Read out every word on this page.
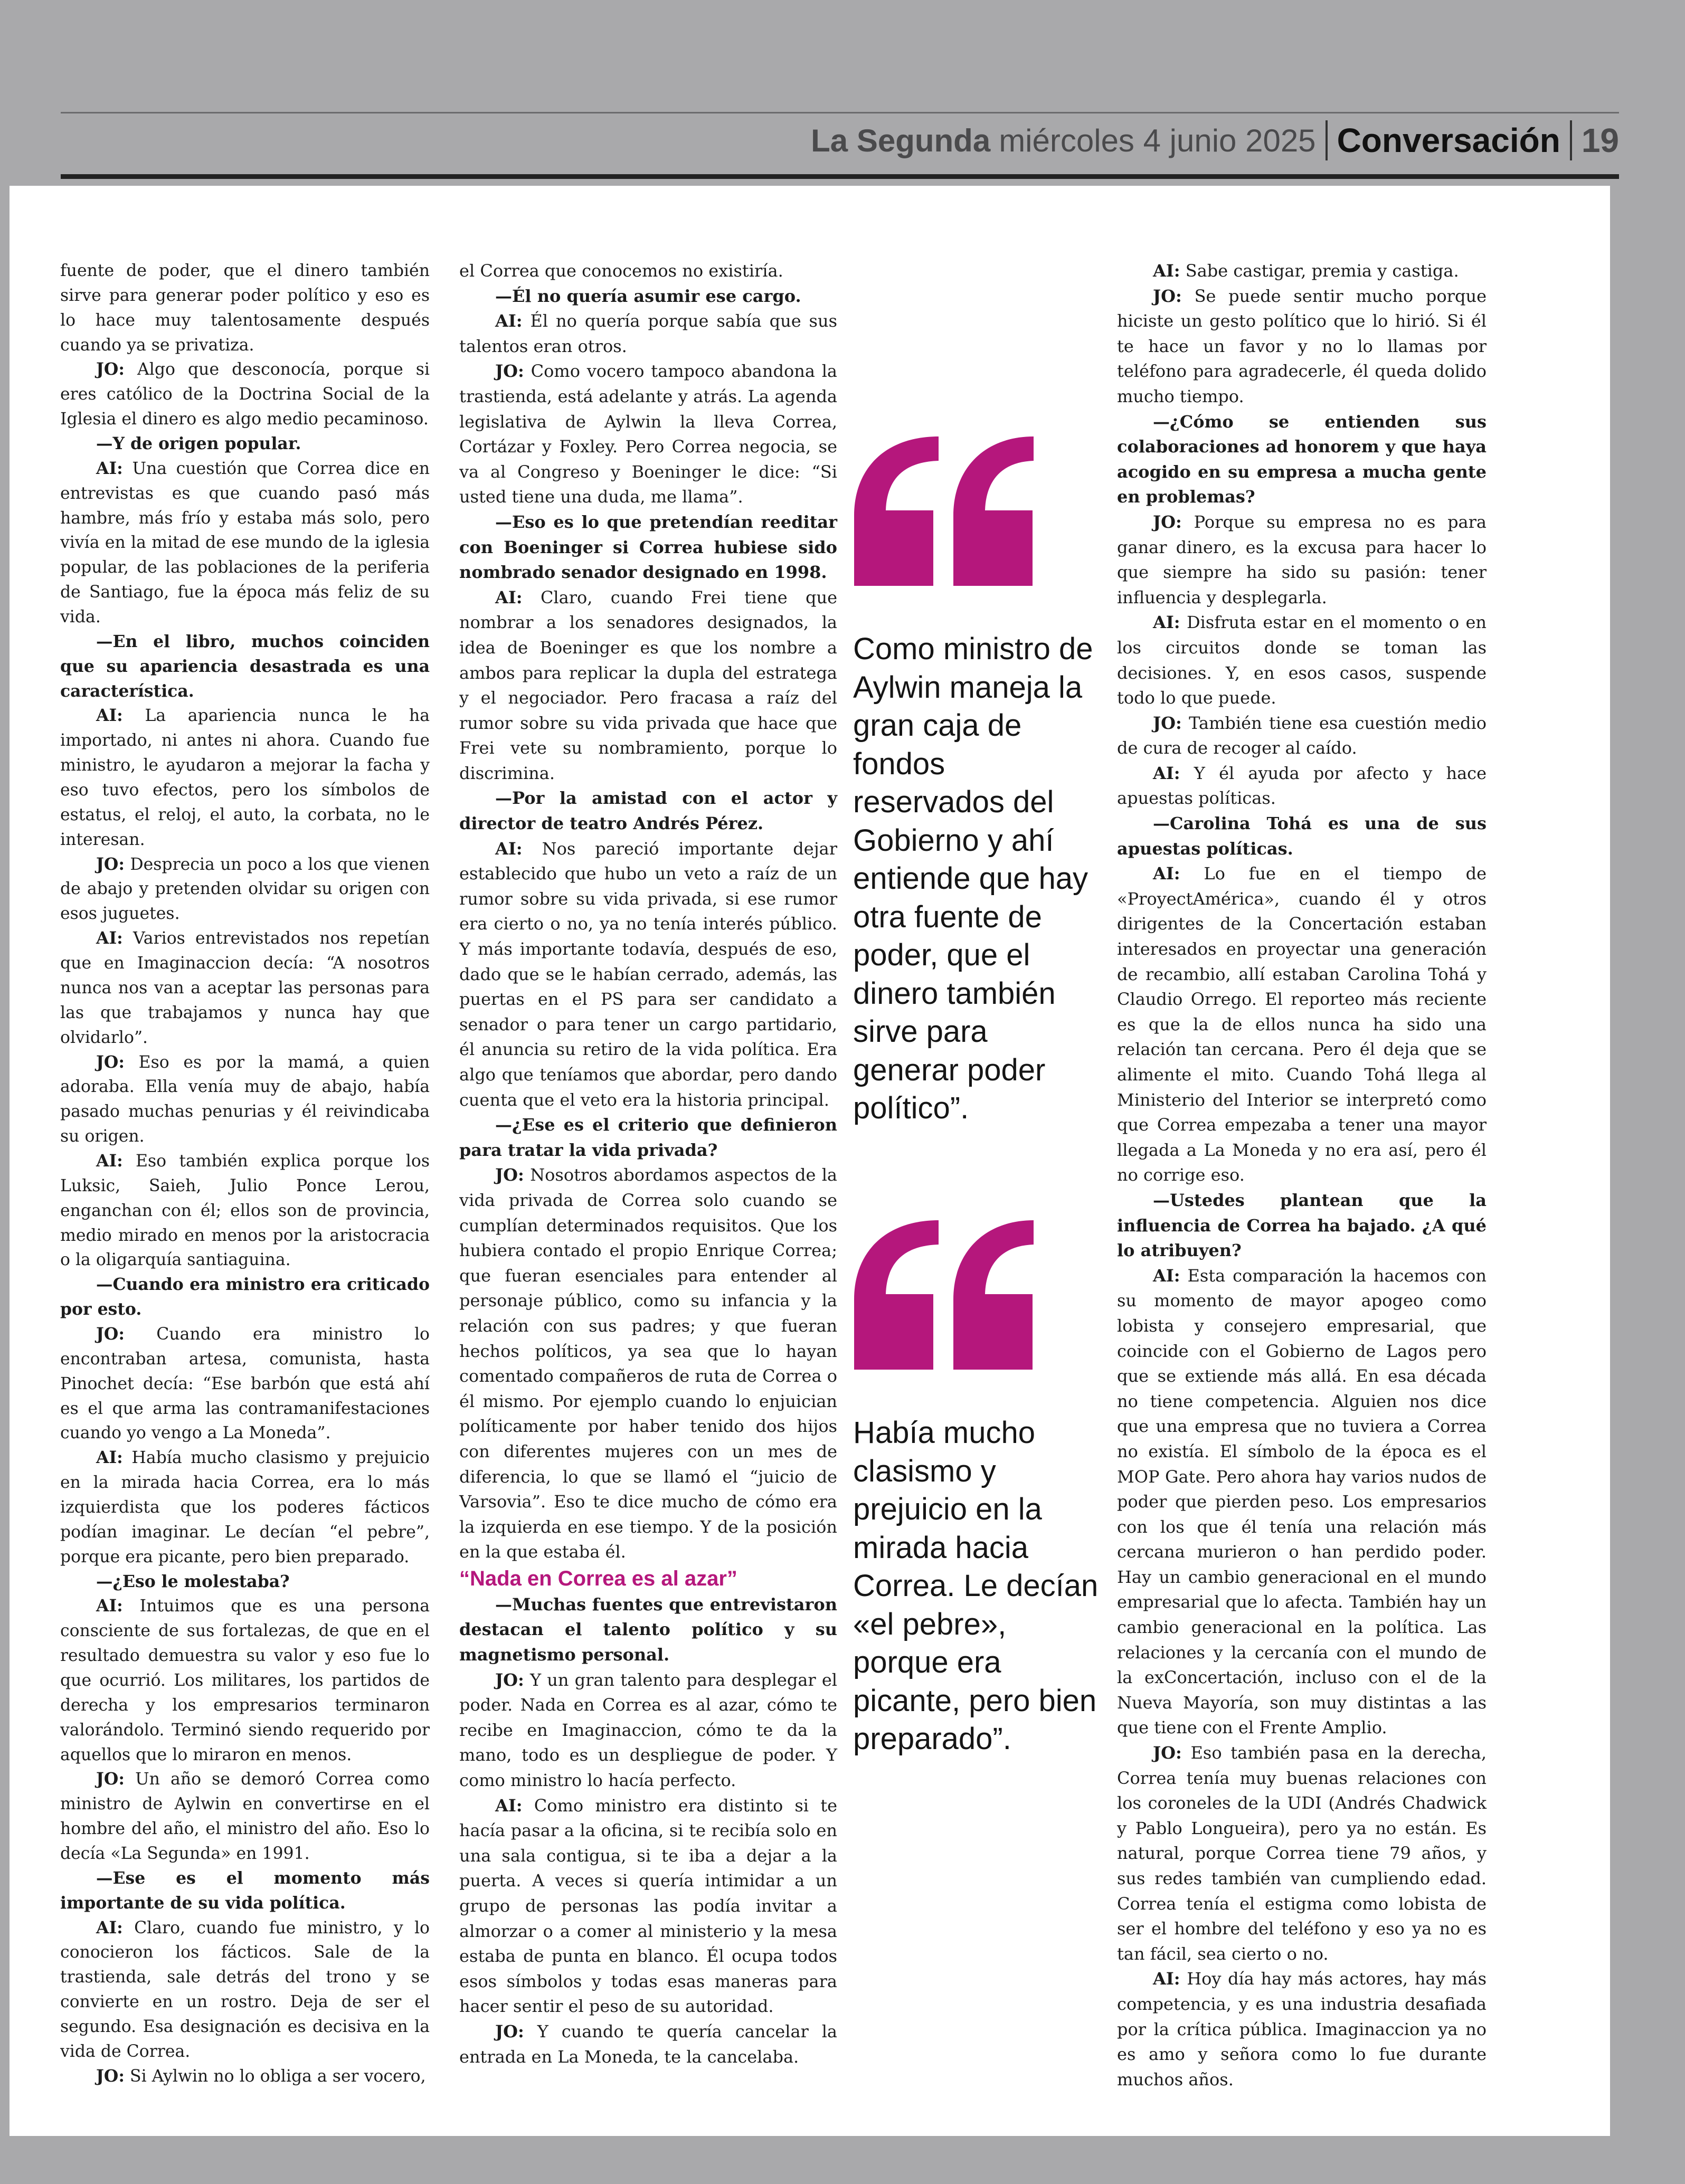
La Segunda miércoles 4 junio 2025 Conversación 19

fuente de poder, que el dinero también sirve para generar poder político y eso es lo hace muy talentosamente después cuando ya se privatiza.

JO: Algo que desconocía, porque si eres católico de la Doctrina Social de la Iglesia el dinero es algo medio pecaminoso.

—Y de origen popular.

AI: Una cuestión que Correa dice en entrevistas es que cuando pasó más hambre, más frío y estaba más solo, pero vivía en la mitad de ese mundo de la iglesia popular, de las poblaciones de la periferia de Santiago, fue la época más feliz de su vida.

—En el libro, muchos coinciden que su apariencia desastrada es una característica.

AI: La apariencia nunca le ha importado, ni antes ni ahora. Cuando fue ministro, le ayudaron a mejorar la facha y eso tuvo efectos, pero los símbolos de estatus, el reloj, el auto, la corbata, no le interesan.

JO: Desprecia un poco a los que vienen de abajo y pretenden olvidar su origen con esos juguetes.

AI: Varios entrevistados nos repetían que en Imaginaccion decía: “A nosotros nunca nos van a aceptar las personas para las que trabajamos y nunca hay que olvidarlo”.

JO: Eso es por la mamá, a quien adoraba. Ella venía muy de abajo, había pasado muchas penurias y él reivindicaba su origen.

AI: Eso también explica porque los Luksic, Saieh, Julio Ponce Lerou, enganchan con él; ellos son de provincia, medio mirado en menos por la aristocracia o la oligarquía santiaguina.

—Cuando era ministro era criticado por esto.

JO: Cuando era ministro lo encontraban artesa, comunista, hasta Pinochet decía: “Ese barbón que está ahí es el que arma las contramanifestaciones cuando yo vengo a La Moneda”.

AI: Había mucho clasismo y prejuicio en la mirada hacia Correa, era lo más izquierdista que los poderes fácticos podían imaginar. Le decían “el pebre”, porque era picante, pero bien preparado.

—¿Eso le molestaba?

AI: Intuimos que es una persona consciente de sus fortalezas, de que en el resultado demuestra su valor y eso fue lo que ocurrió. Los militares, los partidos de derecha y los empresarios terminaron valorándolo. Terminó siendo requerido por aquellos que lo miraron en menos.

JO: Un año se demoró Correa como ministro de Aylwin en convertirse en el hombre del año, el ministro del año. Eso lo decía «La Segunda» en 1991.

—Ese es el momento más importante de su vida política.

AI: Claro, cuando fue ministro, y lo conocieron los fácticos. Sale de la trastienda, sale detrás del trono y se convierte en un rostro. Deja de ser el segundo. Esa designación es decisiva en la vida de Correa.

JO: Si Aylwin no lo obliga a ser vocero,

el Correa que conocemos no existiría.

—Él no quería asumir ese cargo.

AI: Él no quería porque sabía que sus talentos eran otros.

JO: Como vocero tampoco abandona la trastienda, está adelante y atrás. La agenda legislativa de Aylwin la lleva Correa, Cortázar y Foxley. Pero Correa negocia, se va al Congreso y Boeninger le dice: “Si usted tiene una duda, me llama”.

—Eso es lo que pretendían reeditar con Boeninger si Correa hubiese sido nombrado senador designado en 1998.

AI: Claro, cuando Frei tiene que nombrar a los senadores designados, la idea de Boeninger es que los nombre a ambos para replicar la dupla del estratega y el negociador. Pero fracasa a raíz del rumor sobre su vida privada que hace que Frei vete su nombramiento, porque lo discrimina.

—Por la amistad con el actor y director de teatro Andrés Pérez.

AI: Nos pareció importante dejar establecido que hubo un veto a raíz de un rumor sobre su vida privada, si ese rumor era cierto o no, ya no tenía interés público. Y más importante todavía, después de eso, dado que se le habían cerrado, además, las puertas en el PS para ser candidato a senador o para tener un cargo partidario, él anuncia su retiro de la vida política. Era algo que teníamos que abordar, pero dando cuenta que el veto era la historia principal.

—¿Ese es el criterio que definieron para tratar la vida privada?

JO: Nosotros abordamos aspectos de la vida privada de Correa solo cuando se cumplían determinados requisitos. Que los hubiera contado el propio Enrique Correa; que fueran esenciales para entender al personaje público, como su infancia y la relación con sus padres; y que fueran hechos políticos, ya sea que lo hayan comentado compañeros de ruta de Correa o él mismo. Por ejemplo cuando lo enjuician políticamente por haber tenido dos hijos con diferentes mujeres con un mes de diferencia, lo que se llamó el “juicio de Varsovia”. Eso te dice mucho de cómo era la izquierda en ese tiempo. Y de la posición en la que estaba él.

“Nada en Correa es al azar”

—Muchas fuentes que entrevistaron destacan el talento político y su magnetismo personal.

JO: Y un gran talento para desplegar el poder. Nada en Correa es al azar, cómo te recibe en Imaginaccion, cómo te da la mano, todo es un despliegue de poder. Y como ministro lo hacía perfecto.

AI: Como ministro era distinto si te hacía pasar a la oficina, si te recibía solo en una sala contigua, si te iba a dejar a la puerta. A veces si quería intimidar a un grupo de personas las podía invitar a almorzar o a comer al ministerio y la mesa estaba de punta en blanco. Él ocupa todos esos símbolos y todas esas maneras para hacer sentir el peso de su autoridad.

JO: Y cuando te quería cancelar la entrada en La Moneda, te la cancelaba.

Como ministro de Aylwin maneja la gran caja de fondos reservados del Gobierno y ahí entiende que hay otra fuente de poder, que el dinero también sirve para generar poder político”.
Había mucho clasismo y prejuicio en la mirada hacia Correa. Le decían «el pebre», porque era picante, pero bien preparado”.

AI: Sabe castigar, premia y castiga.

JO: Se puede sentir mucho porque hiciste un gesto político que lo hirió. Si él te hace un favor y no lo llamas por teléfono para agradecerle, él queda dolido mucho tiempo.

—¿Cómo se entienden sus colaboraciones ad honorem y que haya acogido en su empresa a mucha gente en problemas?

JO: Porque su empresa no es para ganar dinero, es la excusa para hacer lo que siempre ha sido su pasión: tener influencia y desplegarla.

AI: Disfruta estar en el momento o en los circuitos donde se toman las decisiones. Y, en esos casos, suspende todo lo que puede.

JO: También tiene esa cuestión medio de cura de recoger al caído.

AI: Y él ayuda por afecto y hace apuestas políticas.

—Carolina Tohá es una de sus apuestas políticas.

AI: Lo fue en el tiempo de «ProyectAmérica», cuando él y otros dirigentes de la Concertación estaban interesados en proyectar una generación de recambio, allí estaban Carolina Tohá y Claudio Orrego. El reporteo más reciente es que la de ellos nunca ha sido una relación tan cercana. Pero él deja que se alimente el mito. Cuando Tohá llega al Ministerio del Interior se interpretó como que Correa empezaba a tener una mayor llegada a La Moneda y no era así, pero él no corrige eso.

—Ustedes plantean que la influencia de Correa ha bajado. ¿A qué lo atribuyen?

AI: Esta comparación la hacemos con su momento de mayor apogeo como lobista y consejero empresarial, que coincide con el Gobierno de Lagos pero que se extiende más allá. En esa década no tiene competencia. Alguien nos dice que una empresa que no tuviera a Correa no existía. El símbolo de la época es el MOP Gate. Pero ahora hay varios nudos de poder que pierden peso. Los empresarios con los que él tenía una relación más cercana murieron o han perdido poder. Hay un cambio generacional en el mundo empresarial que lo afecta. También hay un cambio generacional en la política. Las relaciones y la cercanía con el mundo de la exConcertación, incluso con el de la Nueva Mayoría, son muy distintas a las que tiene con el Frente Amplio.

JO: Eso también pasa en la derecha, Correa tenía muy buenas relaciones con los coroneles de la UDI (Andrés Chadwick y Pablo Longueira), pero ya no están. Es natural, porque Correa tiene 79 años, y sus redes también van cumpliendo edad. Correa tenía el estigma como lobista de ser el hombre del teléfono y eso ya no es tan fácil, sea cierto o no.

AI: Hoy día hay más actores, hay más competencia, y es una industria desafiada por la crítica pública. Imaginaccion ya no es amo y señora como lo fue durante muchos años.
